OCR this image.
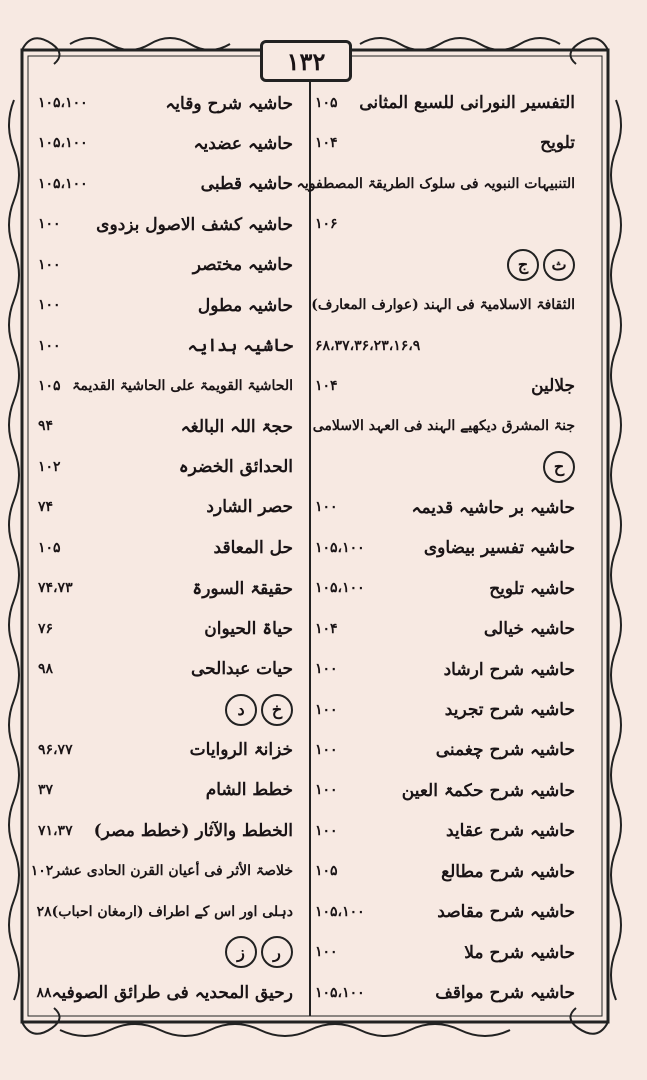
۱۳۲
التفسیر النورانی للسبع المثانی
۱۰۵
تلویح
۱۰۴
التنبیہات النبویہ فی سلوک الطریقۃ المصطفویہ
۱۰۶
ث
ج
الثقافۃ الاسلامیۃ فی الہند (عوارف المعارف)
۶۸،۳۷،۳۶،۲۳،۱۶،۹
جلالین
۱۰۴
جنۃ المشرق دیکھیے الہند فی العہد الاسلامی
ح
حاشیہ بر حاشیہ قدیمہ
۱۰۰
حاشیہ تفسیر بیضاوی
۱۰۵،۱۰۰
حاشیہ تلویح
۱۰۵،۱۰۰
حاشیہ خیالی
۱۰۴
حاشیہ شرح ارشاد
۱۰۰
حاشیہ شرح تجرید
۱۰۰
حاشیہ شرح چغمنی
۱۰۰
حاشیہ شرح حکمۃ العین
۱۰۰
حاشیہ شرح عقاید
۱۰۰
حاشیہ شرح مطالع
۱۰۵
حاشیہ شرح مقاصد
۱۰۵،۱۰۰
حاشیہ شرح ملا
۱۰۰
حاشیہ شرح مواقف
۱۰۵،۱۰۰
حاشیہ شرح وقایہ
۱۰۵،۱۰۰
حاشیہ عضدیہ
۱۰۵،۱۰۰
حاشیہ قطبی
۱۰۵،۱۰۰
حاشیہ کشف الاصول بزدوی
۱۰۰
حاشیہ مختصر
۱۰۰
حاشیہ مطول
۱۰۰
حاشیہ ہدایہ
۱۰۰
الحاشیۃ القویمۃ علی الحاشیۃ القدیمۃ
۱۰۵
حجۃ اللہ البالغہ
۹۴
الحدائق الخضرہ
۱۰۲
حصر الشارد
۷۴
حل المعاقد
۱۰۵
حقیقۃ السورۃ
۷۴،۷۳
حیاۃ الحیوان
۷۶
حیات عبدالحی
۹۸
خ
د
خزانۃ الروایات
۹۶،۷۷
خطط الشام
۳۷
الخطط والآثار (خطط مصر)
۷۱،۳۷
خلاصۃ الأثر فی أعیان القرن الحادی عشر
۱۰۲
دہلی اور اس کے اطراف (ارمغان احباب)
۲۸
ر
ز
رحیق المحدیہ فی طرائق الصوفیہ
۸۸
